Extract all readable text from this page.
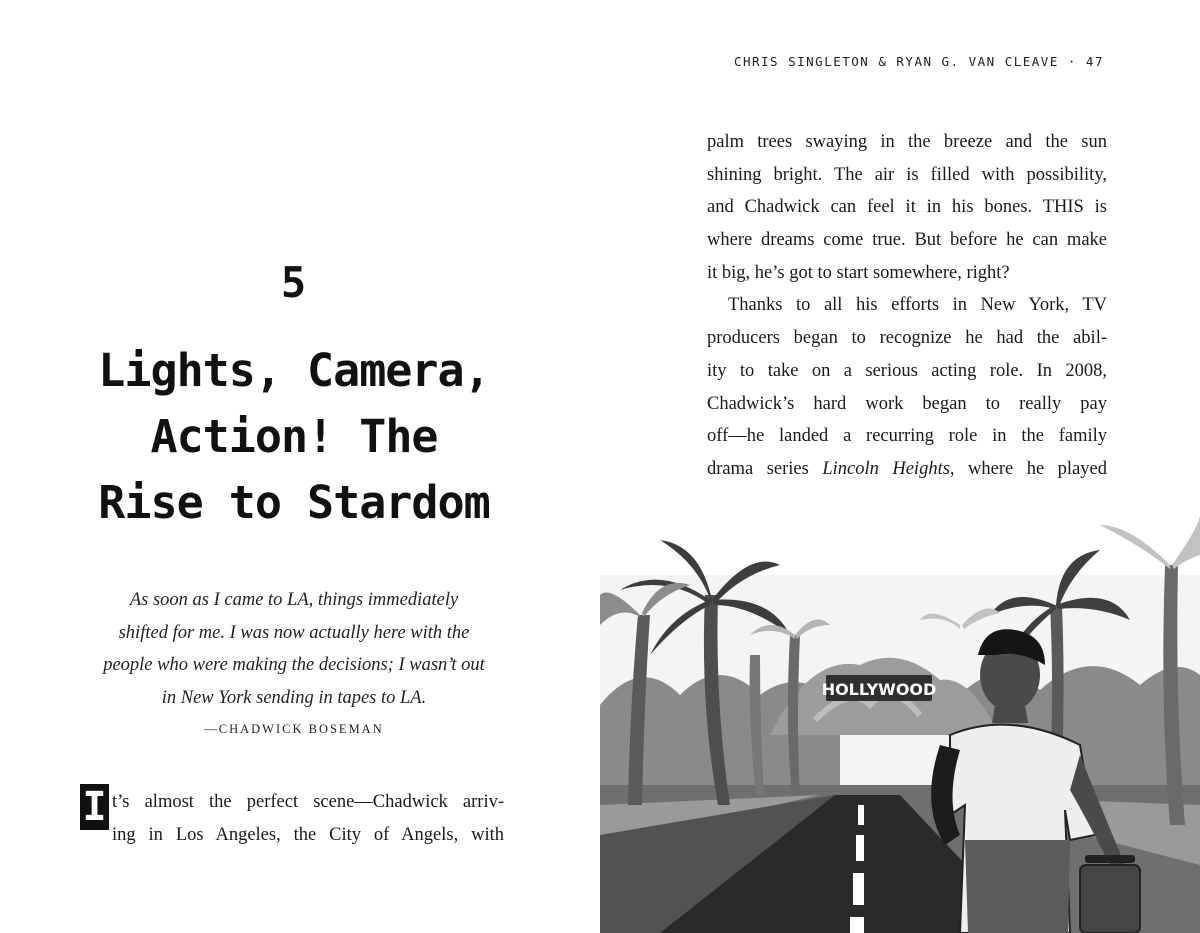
5
Lights, Camera,
Action! The
Rise to Stardom
As soon as I came to LA, things immediately
shifted for me. I was now actually here with the
people who were making the decisions; I wasn’t out
in New York sending in tapes to LA.
—CHADWICK BOSEMAN
I t’s almost the perfect scene—Chadwick arriv-
ing in Los Angeles, the City of Angels, with
CHRIS SINGLETON & RYAN G. VAN CLEAVE · 47
palm trees swaying in the breeze and the sun
shining bright. The air is filled with possibility,
and Chadwick can feel it in his bones. THIS is
where dreams come true. But before he can make
it big, he’s got to start somewhere, right?
Thanks to all his efforts in New York, TV
producers began to recognize he had the abil-
ity to take on a serious acting role. In 2008,
Chadwick’s hard work began to really pay
off—he landed a recurring role in the family
drama series Lincoln Heights, where he played
HOLLYWOOD
